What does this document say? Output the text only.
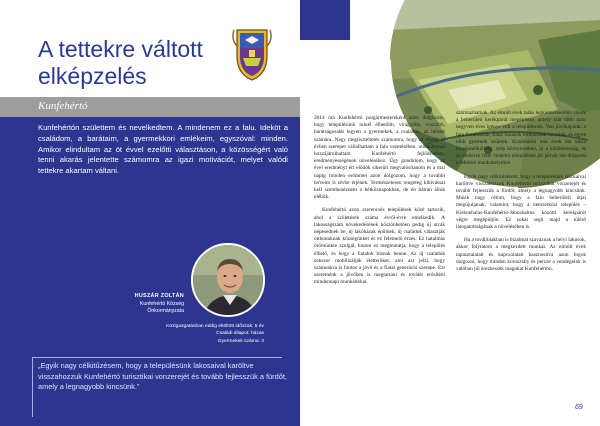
A tettekre váltott
elképzelés
Kunfehértó

Kunfehértón születtem és nevelkedtem. A mindenem ez a falu. Ideköt a családom, a barátaim, a gyermekkori emlékeim, egyszóval: minden. Amikor elindultam az öt évvel ezelőtti választáson, a közösségért való tenni akarás jelentette számomra az igazi motivációt, melyet valódi tettekre akartam váltani.

HUSZÁR ZOLTÁN
Kunfehértó Község
Önkormányzata
Közigazgatásban eddig eltöltött időszak: 5 év
Családi állapot: házas
Gyermekek száma: 3

„Egyik nagy célkitűzésem, hogy a településünk lakosaival karöltve visszahozzuk Kunfehértó turisztikai vonzerejét és tovább fejlesszük a fürdőt, amely a legnagyobb kincsünk.”

2014 óta Kunfehértó polgármestereként azon dolgozom, hogy településünk minél élhetőbb, virágzóbb, vonzóbb, barátságosabb legyen a gyermekek, a családok, az idősek számára. Nagy megtiszteltetés számomra, hogy az elmúlt öt évben szerepet vállalhattam a falu vezetésében, munkámmal hozzájárulhattam Kunfehértó fejlődéséhez, eredményességének növeléséhez. Úgy gondolom, hogy az ével eredményt ért elődök sikerült megvalósítanom és a mai napig minden erőmmel azon dolgozom, hogy a további terveim is révbe érjenek. Természetesen rengeteg kihívással kell szembenéznem a hétköznapokban, de én bátran állok elébük.

Kunfehértó azon szerencsés települések közé tartozik, ahol a születések száma évről-évre emelkedik. A lakosságszám növekedésének köszönhetően pedig új utcák népesednek be, új lakóházak épülnek, új családok választják otthonuknak községünket és ez felemelő érzés. Ez hatalmas örömünkre szolgál, hiszen ez megmutatja, hogy a település élhető, és hogy a fiatalok bíznak benne. Az új családok sokszor mobilizálják életterüket, ami azt jelzi, hogy számunkra is fontos a jövő és a fiatal generáció szerepe. Ezt szeretnénk a jövőben is megtartani és tovább erősíteni mindennapi munkánkkal.

származhatnak. Az elmúlt évek talán legkiemelkedőbb sikere a belterületi kerékpárút megépítése, amely már több mint negyven éves igénye volt a településnek. Van jövőképünk: a falu fiataloknak, fiatal házasok költözőnek hozzánk, és egyre több gyermek születik. Kunfehértó már évek óta nincs munkanélküliség, szép környezetben, jó a közbiztonság, és az emberek több védelmi településen jól járnak ide dolgozni a fehértói munkahelyekre.

Egyik nagy célkitűzésem, hogy a településünk lakosaival karöltve visszahozzuk Kunfehértó turisztikai vonzerejét és tovább fejlesszük a fürdőt, amely a legnagyobb kincsünk. Másik nagy célom, hogy a falu belterületi útjai megújuljanak, valamint, hogy a nemzetközi település – Kiskunhalas-Kunfehértó-Jánoshalma közötti kerékpárút végre megépüljön. Ez sokat segít majd a túlérő látogatottságának a növelésében is.

Ha a továbbiakban is bizalmat szavaznak a helyi lakosok, akkor folytatom a megkezdett munkát. Az elmúlt évek tapasztalatait és kapcsolatait hasznosítva azon fogok dolgozni, hogy minden korosztály és persze a vendégeink is valóban jól érezhessék magukat Kunfehértón.

69
